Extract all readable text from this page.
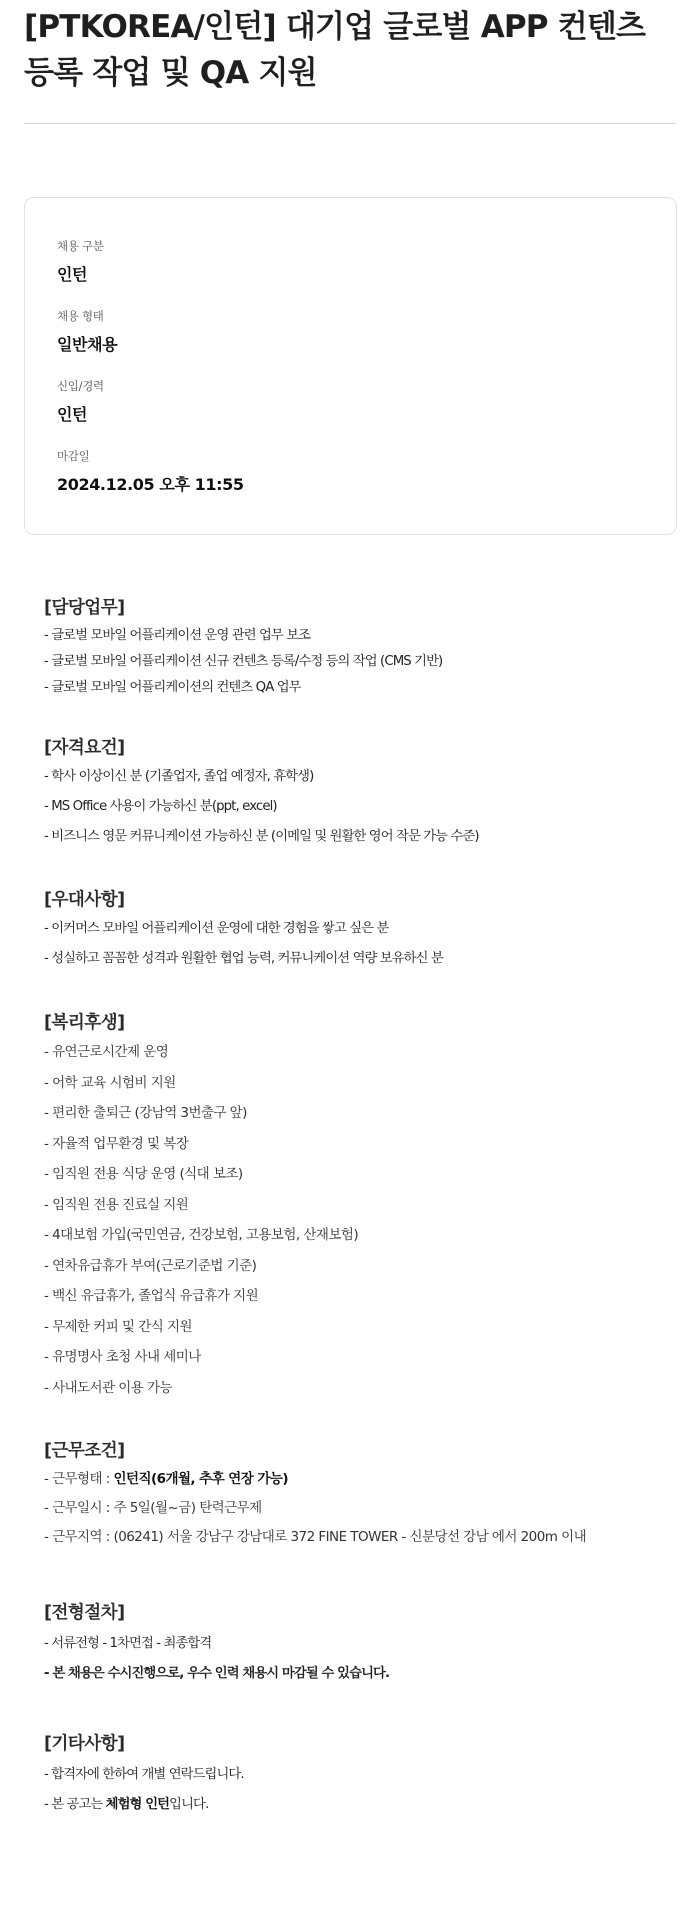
[PTKOREA/인턴] 대기업 글로벌 APP 컨텐츠 등록 작업 및 QA 지원
채용 구분
인턴
채용 형태
일반채용
신입/경력
인턴
마감일
2024.12.05 오후 11:55
[담당업무]
- 글로벌 모바일 어플리케이션 운영 관련 업무 보조
- 글로벌 모바일 어플리케이션 신규 컨텐츠 등록/수정 등의 작업 (CMS 기반)
- 글로벌 모바일 어플리케이션의 컨텐츠 QA 업무
[자격요건]
- 학사 이상이신 분 (기졸업자, 졸업 예정자, 휴학생)
- MS Office 사용이 가능하신 분(ppt, excel)
- 비즈니스 영문 커뮤니케이션 가능하신 분 (이메일 및 원활한 영어 작문 가능 수준)
[우대사항]
- 이커머스 모바일 어플리케이션 운영에 대한 경험을 쌓고 싶은 분
- 성실하고 꼼꼼한 성격과 원활한 협업 능력, 커뮤니케이션 역량 보유하신 분
[복리후생]
- 유연근로시간제 운영
- 어학 교육 시험비 지원
- 편리한 출퇴근 (강남역 3번출구 앞)
- 자율적 업무환경 및 복장
- 임직원 전용 식당 운영 (식대 보조)
- 임직원 전용 진료실 지원
- 4대보험 가입(국민연금, 건강보험, 고용보험, 산재보험)
- 연차유급휴가 부여(근로기준법 기준)
- 백신 유급휴가, 졸업식 유급휴가 지원
- 무제한 커피 및 간식 지원
- 유명명사 초청 사내 세미나
- 사내도서관 이용 가능
[근무조건]
- 근무형태 : 인턴직(6개월, 추후 연장 가능)
- 근무일시 : 주 5일(월~금) 탄력근무제
- 근무지역 : (06241) 서울 강남구 강남대로 372 FINE TOWER - 신분당선 강남 에서 200m 이내
[전형절차]
- 서류전형 - 1차면접 - 최종합격
- 본 채용은 수시진행으로, 우수 인력 채용시 마감될 수 있습니다.
[기타사항]
- 합격자에 한하여 개별 연락드립니다.
- 본 공고는 체험형 인턴입니다.
